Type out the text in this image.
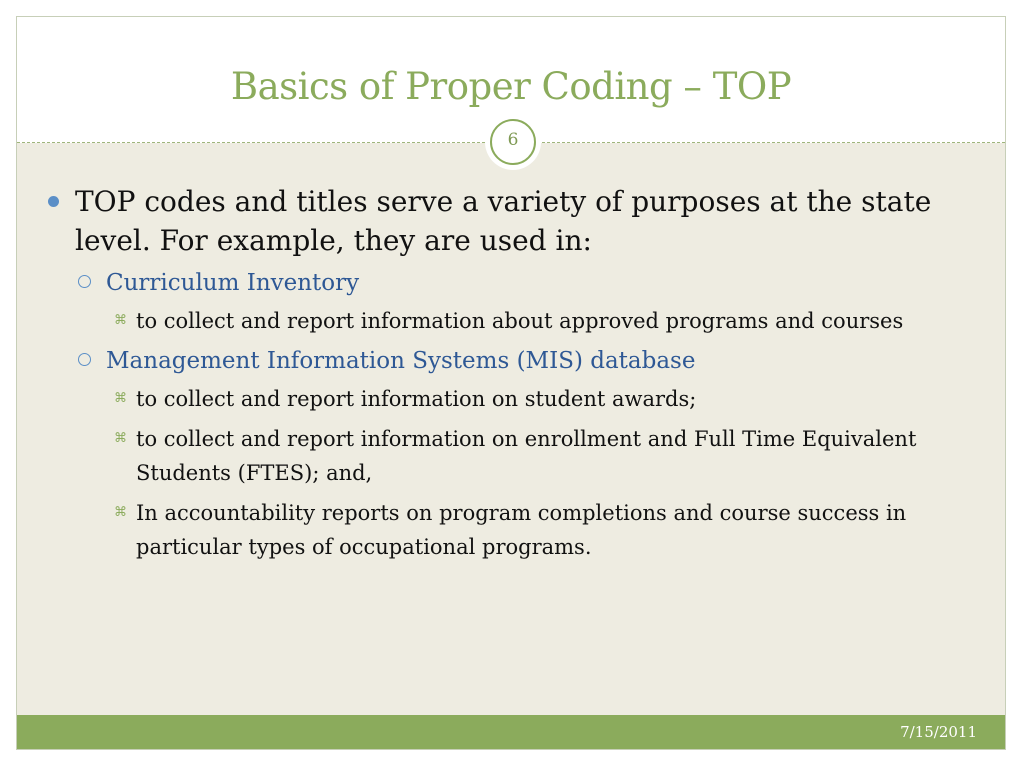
Basics of Proper Coding – TOP
6
TOP codes and titles serve a variety of purposes at the state level. For example, they are used in:
Curriculum Inventory
⌘ to collect and report information about approved programs and courses
Management Information Systems (MIS) database
⌘ to collect and report information on student awards;
⌘ to collect and report information on enrollment and Full Time Equivalent Students (FTES); and,
⌘ In accountability reports on program completions and course success in particular types of occupational programs.
7/15/2011
